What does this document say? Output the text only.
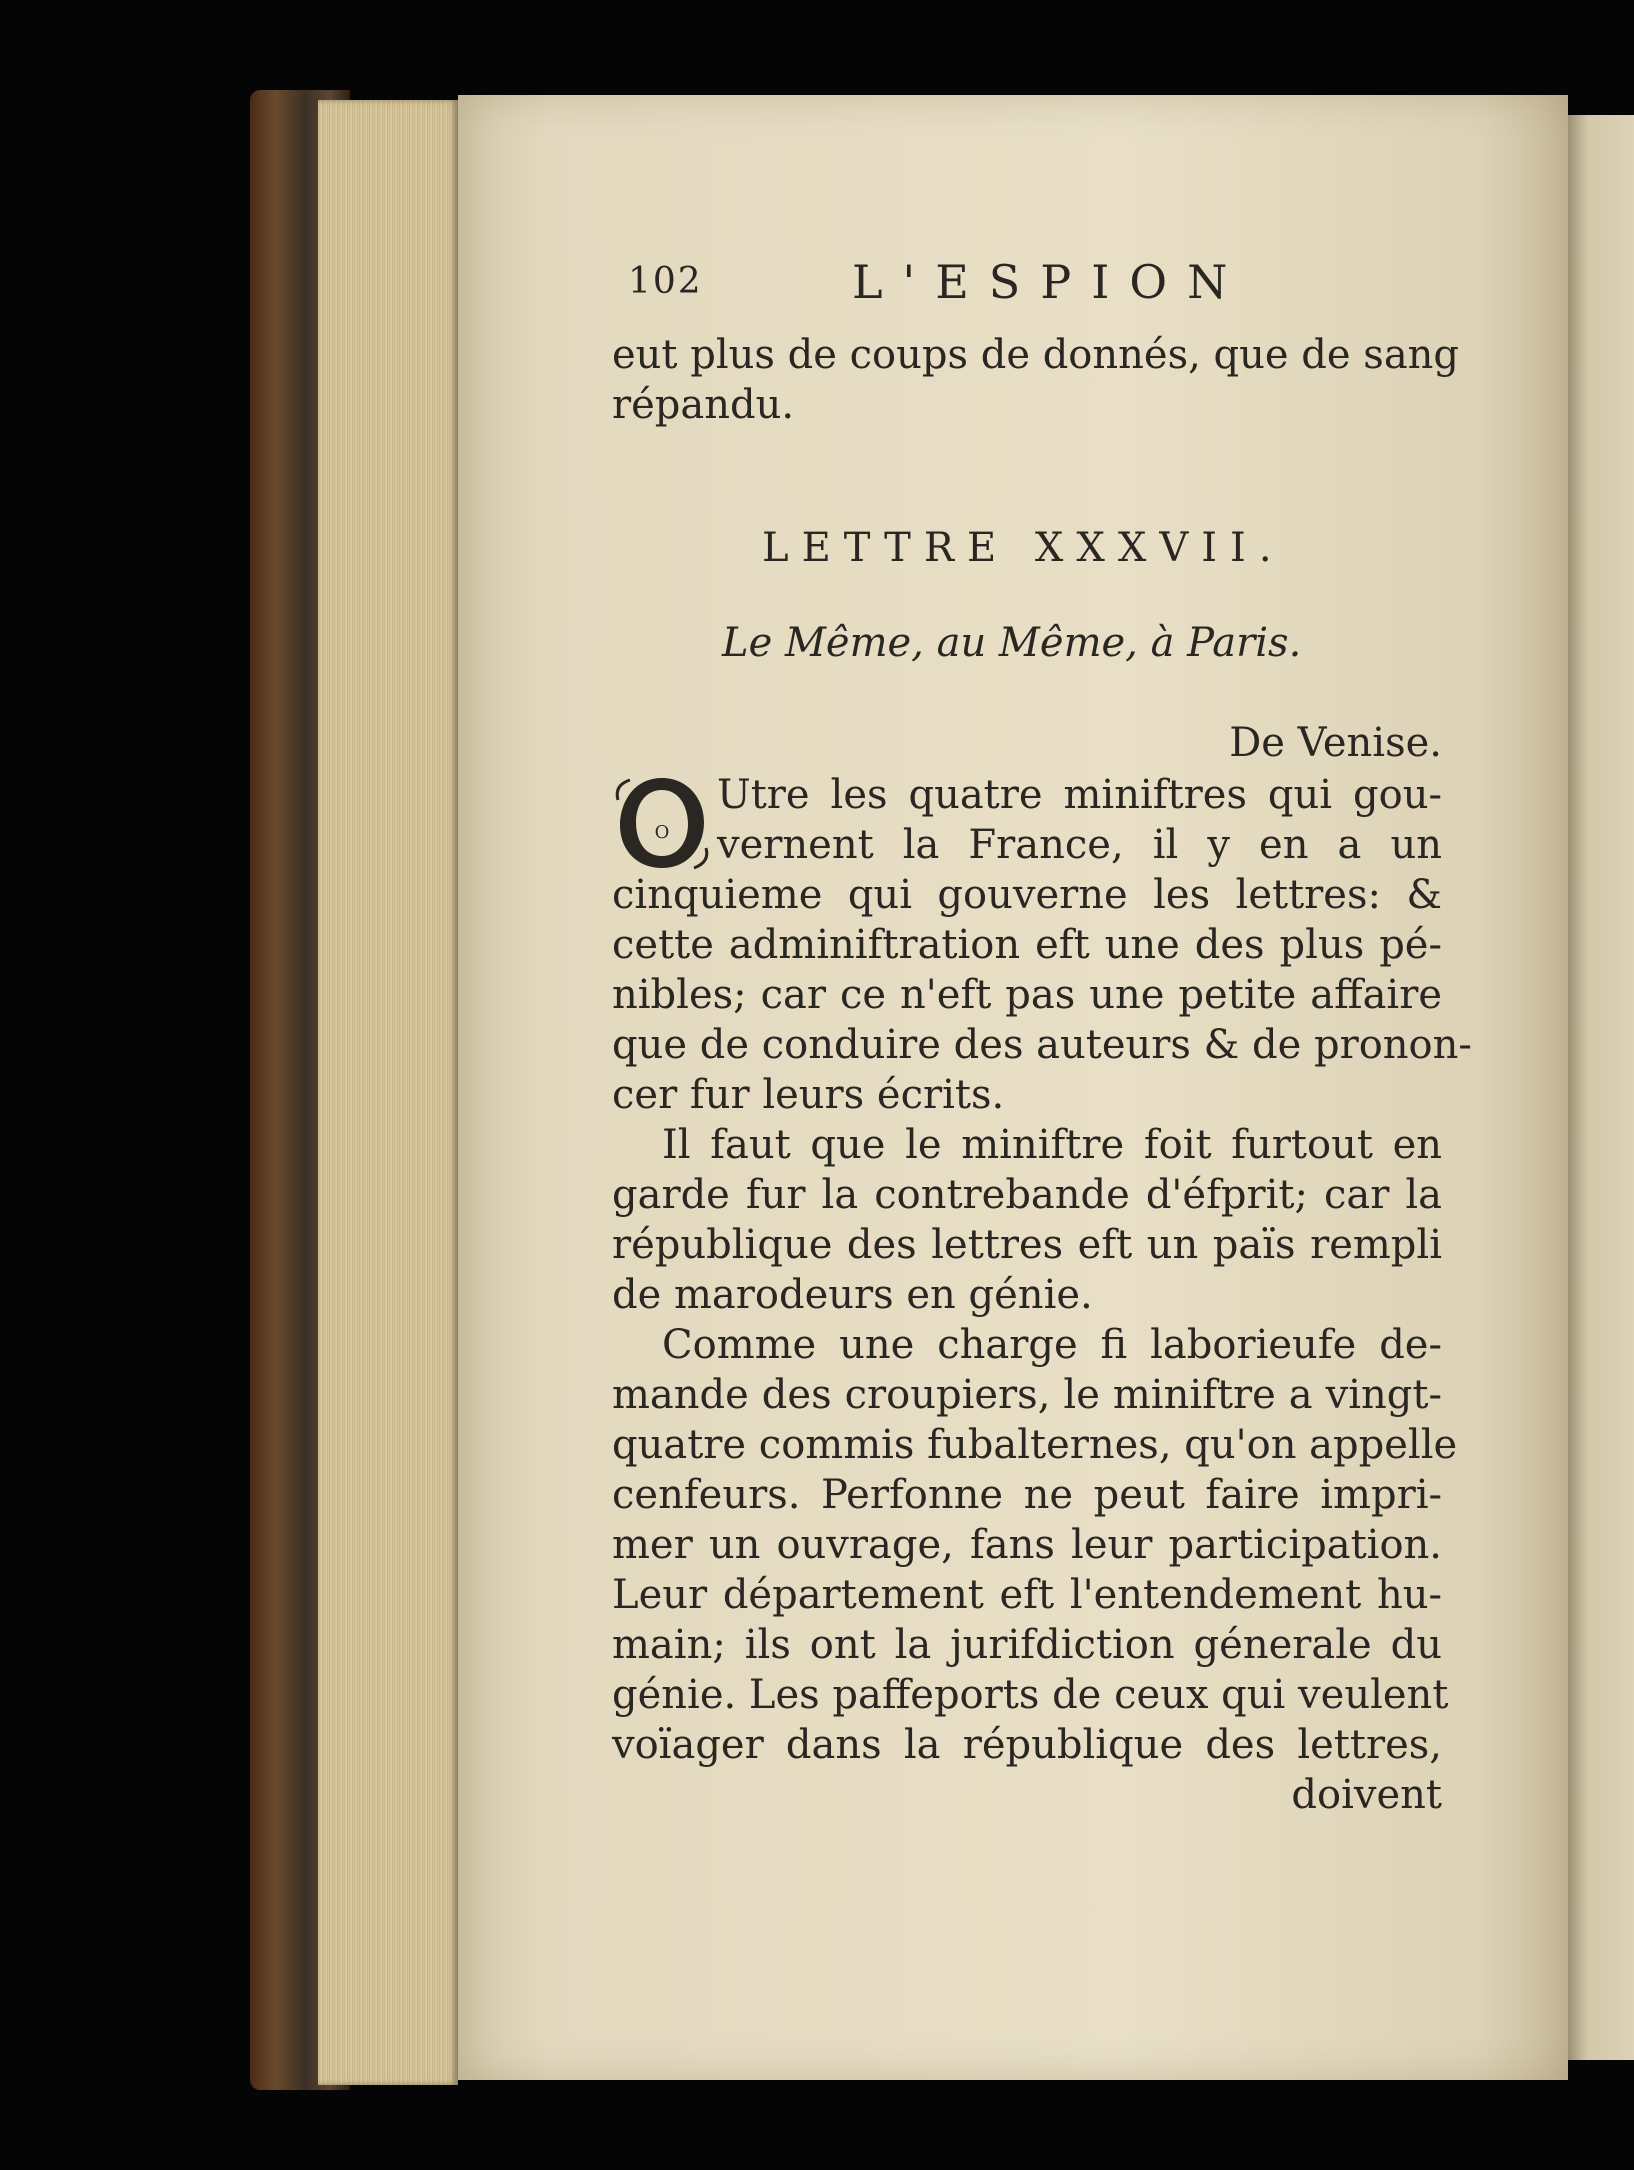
102	L'ESPION
eut plus de coups de donnés, que de sang
répandu.
LETTRE XXXVII.
Le Même, au Même, à Paris.
De Venise.
O
Utre les quatre miniftres qui gou-
vernent la France, il y en a un
cinquieme qui gouverne les lettres: &
cette adminiftration eft une des plus pé-
nibles; car ce n'eft pas une petite affaire
que de conduire des auteurs & de pronon-
cer fur leurs écrits.
Il faut que le miniftre foit furtout en
garde fur la contrebande d'éfprit; car la
république des lettres eft un païs rempli
de marodeurs en génie.
Comme une charge fi laborieufe de-
mande des croupiers, le miniftre a vingt-
quatre commis fubalternes, qu'on appelle
cenfeurs. Perfonne ne peut faire impri-
mer un ouvrage, fans leur participation.
Leur département eft l'entendement hu-
main; ils ont la jurifdiction génerale du
génie. Les paffeports de ceux qui veulent
voïager dans la république des lettres,
doivent
